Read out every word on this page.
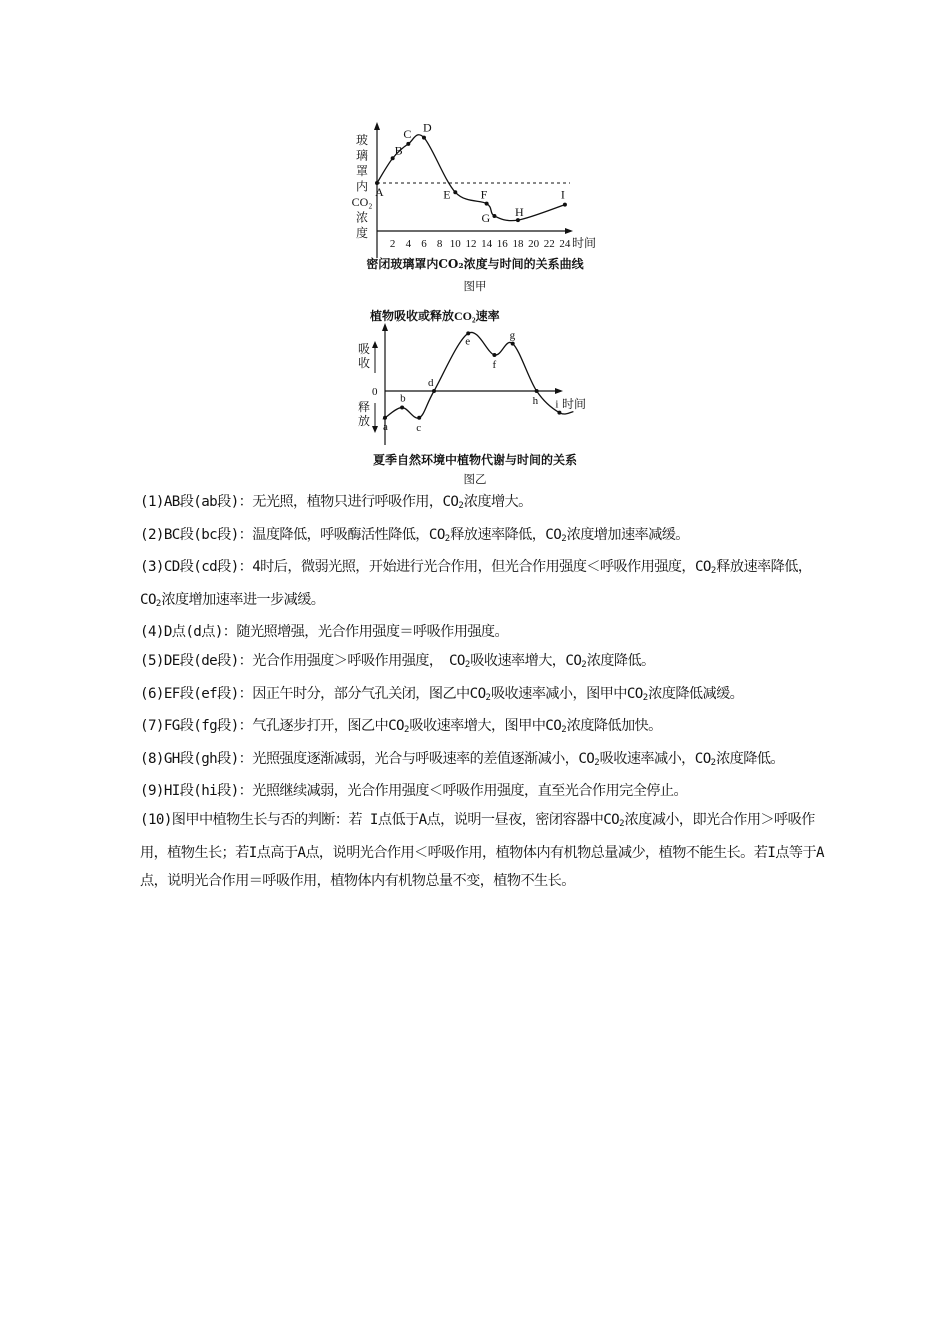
玻
璃
罩
内
CO₂
浓
度
2 4 6 8 10 12 14 16 18 20 22 24
A
B
C D
E F
G H
I
时间
密闭玻璃罩内CO₂浓度与时间的关系曲线
图甲
植物吸收或释放CO₂速率
吸
收
释
放
0
a
b
c
d
e
f
g
h i 时间
夏季自然环境中植物代谢与时间的关系
图乙

(1)AB段(ab段)：无光照，植物只进行呼吸作用，$CO_2$浓度增大。

(2)BC段(bc段)：温度降低，呼吸酶活性降低，$CO_2$释放速率降低，$CO_2$浓度增加速率减缓。

(3)CD段(cd段)：4时后，微弱光照，开始进行光合作用，但光合作用强度＜呼吸作用强度，$CO_2$释放速率降低，$CO_2$浓度增加速率进一步减缓。

(4)D点(d点)：随光照增强，光合作用强度＝呼吸作用强度。

(5)DE段(de段)：光合作用强度＞呼吸作用强度，　$CO_2$吸收速率增大，$CO_2$浓度降低。

(6)EF段(ef段)：因正午时分，部分气孔关闭，图乙中$CO_2$吸收速率减小，图甲中$CO_2$浓度降低减缓。

(7)FG段(fg段)：气孔逐步打开，图乙中$CO_2$吸收速率增大，图甲中$CO_2$浓度降低加快。

(8)GH段(gh段)：光照强度逐渐减弱，光合与呼吸速率的差值逐渐减小，$CO_2$吸收速率减小，$CO_2$浓度降低。

(9)HI段(hi段)：光照继续减弱，光合作用强度＜呼吸作用强度，直至光合作用完全停止。

(10)图甲中植物生长与否的判断：若 I点低于A点，说明一昼夜，密闭容器中$CO_2$浓度减小，即光合作用＞呼吸作用，植物生长；若I点高于A点，说明光合作用＜呼吸作用，植物体内有机物总量减少，植物不能生长。若I点等于A点，说明光合作用＝呼吸作用，植物体内有机物总量不变，植物不生长。
